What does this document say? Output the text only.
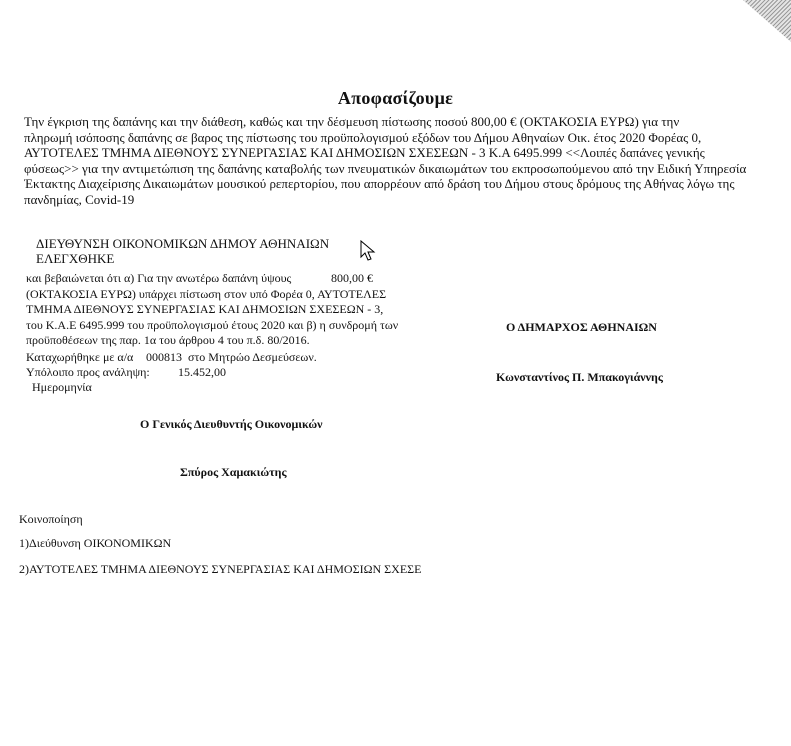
Αποφασίζουμε
Την έγκριση της δαπάνης και την διάθεση, καθώς και την δέσμευση πίστωσης ποσού 800,00 € (ΟΚΤΑΚΟΣΙΑ ΕΥΡΩ) για την
πληρωμή ισόποσης δαπάνης σε βαρος της πίστωσης του προϋπολογισμού εξόδων του Δήμου Αθηναίων Οικ. έτος 2020 Φορέας 0,
ΑΥΤΟΤΕΛΕΣ ΤΜΗΜΑ ΔΙΕΘΝΟΥΣ ΣΥΝΕΡΓΑΣΙΑΣ ΚΑΙ ΔΗΜΟΣΙΩΝ ΣΧΕΣΕΩΝ - 3 Κ.Α 6495.999 <<Λοιπές δαπάνες γενικής
φύσεως>> για την αντιμετώπιση της δαπάνης καταβολής των πνευματικών δικαιωμάτων του εκπροσωπούμενου από την Ειδική Υπηρεσία
Έκτακτης Διαχείρισης Δικαιωμάτων μουσικού ρεπερτορίου, που απορρέουν από δράση του Δήμου στους δρόμους της Αθήνας λόγω της
πανδημίας, Covid-19
ΔΙΕΥΘΥΝΣΗ ΟΙΚΟΝΟΜΙΚΩΝ ΔΗΜΟΥ ΑΘΗΝΑΙΩΝ
ΕΛΕΓΧΘΗΚΕ
και βεβαιώνεται ότι α) Για την ανωτέρω δαπάνη ύψους	800,00 €
(ΟΚΤΑΚΟΣΙΑ ΕΥΡΩ) υπάρχει πίστωση στον υπό Φορέα 0, ΑΥΤΟΤΕΛΕΣ
ΤΜΗΜΑ ΔΙΕΘΝΟΥΣ ΣΥΝΕΡΓΑΣΙΑΣ ΚΑΙ ΔΗΜΟΣΙΩΝ ΣΧΕΣΕΩΝ - 3,
του Κ.Α.Ε 6495.999 του προϋπολογισμού έτους 2020 και β) η συνδρομή των
προϋποθέσεων της παρ. 1α του άρθρου 4 του π.δ. 80/2016.
Καταχωρήθηκε με α/α 000813 στο Μητρώο Δεσμεύσεων.
Υπόλοιπο προς ανάληψη: 15.452,00
Ημερομηνία
Ο Γενικός Διευθυντής Οικονομικών
Σπύρος Χαμακιώτης
Ο ΔΗΜΑΡΧΟΣ ΑΘΗΝΑΙΩΝ
Κωνσταντίνος Π. Μπακογιάννης
Κοινοποίηση
1)Διεύθυνση ΟΙΚΟΝΟΜΙΚΩΝ
2)ΑΥΤΟΤΕΛΕΣ ΤΜΗΜΑ ΔΙΕΘΝΟΥΣ ΣΥΝΕΡΓΑΣΙΑΣ ΚΑΙ ΔΗΜΟΣΙΩΝ ΣΧΕΣΕ
